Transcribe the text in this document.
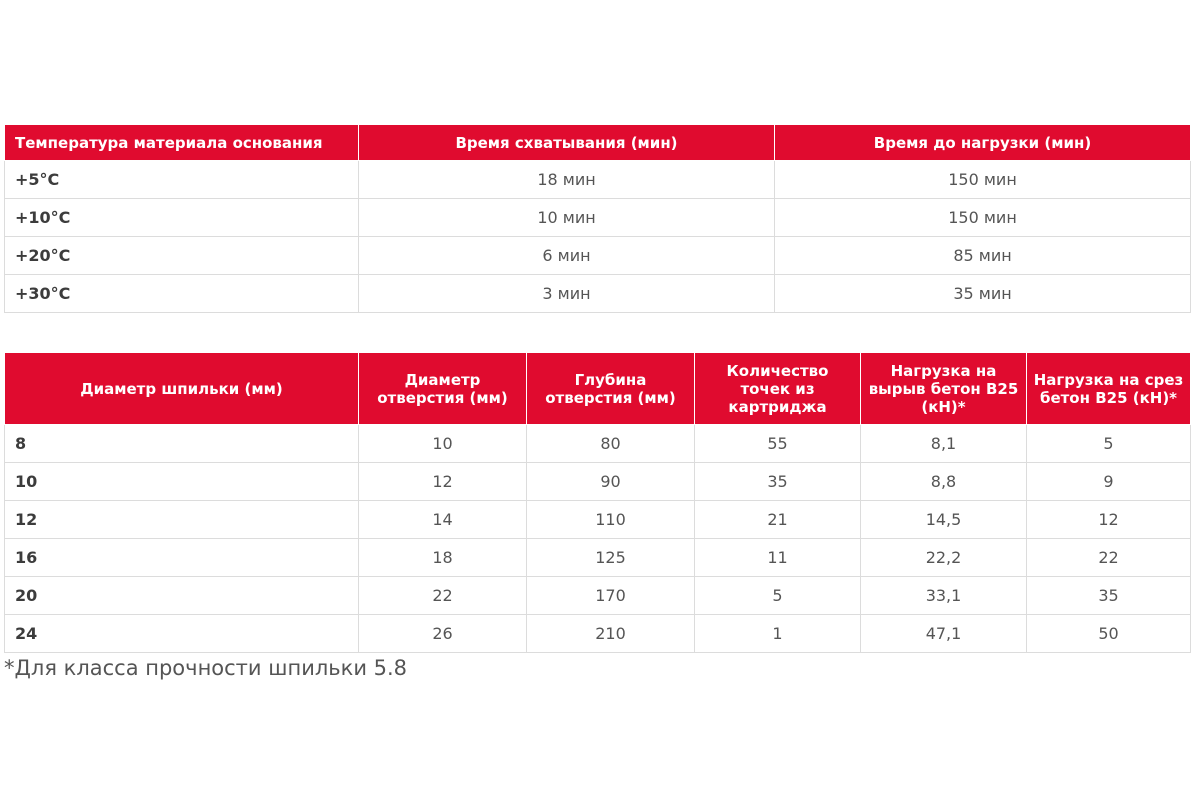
Температура материала основания	Время схватывания (мин)	Время до нагрузки (мин)
+5°C	18 мин	150 мин
+10°C	10 мин	150 мин
+20°C	6 мин	85 мин
+30°C	3 мин	35 мин
Диаметр шпильки (мм)	Диаметр отверстия (мм)	Глубина отверстия (мм)	Количество точек из картриджа	Нагрузка на вырыв бетон В25 (кН)*	Нагрузка на срез бетон В25 (кН)*
8	10	80	55	8,1	5
10	12	90	35	8,8	9
12	14	110	21	14,5	12
16	18	125	11	22,2	22
20	22	170	5	33,1	35
24	26	210	1	47,1	50
*Для класса прочности шпильки 5.8
